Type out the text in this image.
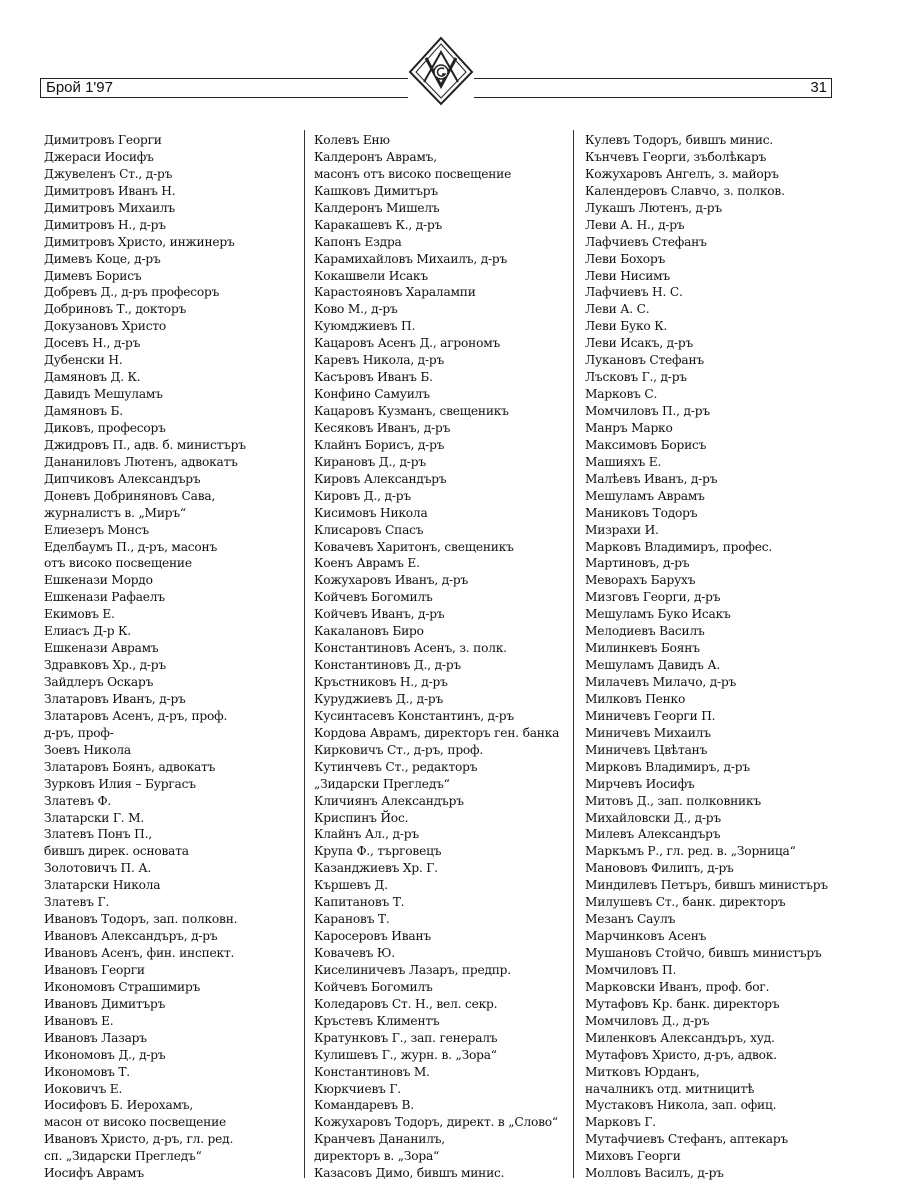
Брой 1'97	31
Димитровъ Георги
Джераси Иосифъ
Джувеленъ Ст., д-ръ
Димитровъ Иванъ Н.
Димитровъ Михаилъ
Димитровъ Н., д-ръ
Димитровъ Христо, инжинеръ
Димевъ Коце, д-ръ
Димевъ Борисъ
Добревъ Д., д-ръ професоръ
Добриновъ Т., докторъ
Докузановъ Христо
Досевъ Н., д-ръ
Дубенски Н.
Дамяновъ Д. К.
Давидъ Мешуламъ
Дамяновъ Б.
Диковъ, професоръ
Джидровъ П., адв. б. министъръ
Дананиловъ Лютенъ, адвокатъ
Дипчиковъ Александъръ
Доневъ Добриняновъ Сава,
журналистъ в. „Миръ“
Елиезеръ Монсъ
Еделбаумъ П., д-ръ, масонъ
отъ високо посвещение
Ешкенази Мордо
Ешкенази Рафаелъ
Екимовъ Е.
Елиасъ Д-р К.
Ешкенази Аврамъ
Здравковъ Хр., д-ръ
Зайдлеръ Оскаръ
Златаровъ Иванъ, д-ръ
Златаровъ Асенъ, д-ръ, проф.
д-ръ, проф-
Зоевъ Никола
Златаровъ Боянъ, адвокатъ
Зурковъ Илия – Бургасъ
Златевъ Ф.
Златарски Г. М.
Златевъ Понъ П.,
бившъ дирек. основата
Золотовичъ П. А.
Златарски Никола
Златевъ Г.
Ивановъ Тодоръ, зап. полковн.
Ивановъ Александъръ, д-ръ
Ивановъ Асенъ, фин. инспект.
Ивановъ Георги
Икономовъ Страшимиръ
Ивановъ Димитъръ
Ивановъ Е.
Ивановъ Лазаръ
Икономовъ Д., д-ръ
Икономовъ Т.
Иоковичъ Е.
Иосифовъ Б. Иерохамъ,
масон от високо посвещение
Ивановъ Христо, д-ръ, гл. ред.
сп. „Зидарски Прегледъ“
Иосифъ Аврамъ
Колевъ Еню
Калдеронъ Аврамъ,
масонъ отъ високо посвещение
Кашковъ Димитъръ
Калдеронъ Мишелъ
Каракашевъ К., д-ръ
Капонъ Ездра
Карамихайловъ Михаилъ, д-ръ
Кокашвели Исакъ
Карастояновъ Харалампи
Ково М., д-ръ
Куюмджиевъ П.
Кацаровъ Асенъ Д., агрономъ
Каревъ Никола, д-ръ
Касъровъ Иванъ Б.
Конфино Самуилъ
Кацаровъ Кузманъ, свещеникъ
Кесяковъ Иванъ, д-ръ
Клайнъ Борисъ, д-ръ
Кирановъ Д., д-ръ
Кировъ Александъръ
Кировъ Д., д-ръ
Кисимовъ Никола
Клисаровъ Спасъ
Ковачевъ Харитонъ, свещеникъ
Коенъ Аврамъ Е.
Кожухаровъ Иванъ, д-ръ
Койчевъ Богомилъ
Койчевъ Иванъ, д-ръ
Какалановъ Биро
Константиновъ Асенъ, з. полк.
Константиновъ Д., д-ръ
Кръстниковъ Н., д-ръ
Куруджиевъ Д., д-ръ
Кусинтасевъ Константинъ, д-ръ
Кордова Аврамъ, директоръ ген. банка
Кирковичъ Ст., д-ръ, проф.
Кутинчевъ Ст., редакторъ
„Зидарски Прегледъ“
Кличиянъ Александъръ
Криспинъ Йос.
Клайнъ Ал., д-ръ
Крупа Ф., търговецъ
Казанджиевъ Хр. Г.
Кършевъ Д.
Капитановъ Т.
Карановъ Т.
Каросеровъ Иванъ
Ковачевъ Ю.
Киселиничевъ Лазаръ, предпр.
Койчевъ Богомилъ
Коледаровъ Ст. Н., вел. секр.
Кръстевъ Климентъ
Кратунковъ Г., зап. генералъ
Кулишевъ Г., журн. в. „Зора“
Константиновъ М.
Кюркчиевъ Г.
Командаревъ В.
Кожухаровъ Тодоръ, директ. в „Слово“
Кранчевъ Дананилъ,
директоръ в. „Зора“
Казасовъ Димо, бившъ минис.
Кулевъ Тодоръ, бившъ минис.
Кънчевъ Георги, зъболѣкаръ
Кожухаровъ Ангелъ, з. майоръ
Календеровъ Славчо, з. полков.
Лукашъ Лютенъ, д-ръ
Леви А. Н., д-ръ
Лафчиевъ Стефанъ
Леви Бохоръ
Леви Нисимъ
Лафчиевъ Н. С.
Леви А. С.
Леви Буко К.
Леви Исакъ, д-ръ
Лукановъ Стефанъ
Лъсковъ Г., д-ръ
Марковъ С.
Момчиловъ П., д-ръ
Манръ Марко
Максимовъ Борисъ
Машияхъ Е.
Малѣевъ Иванъ, д-ръ
Мешуламъ Аврамъ
Маниковъ Тодоръ
Мизрахи И.
Марковъ Владимиръ, профес.
Мартиновъ, д-ръ
Меворахъ Барухъ
Мизговъ Георги, д-ръ
Мешуламъ Буко Исакъ
Мелодиевъ Василъ
Милинкевъ Боянъ
Мешуламъ Давидъ А.
Милачевъ Милачо, д-ръ
Милковъ Пенко
Миничевъ Георги П.
Миничевъ Михаилъ
Миничевъ Цвѣтанъ
Мирковъ Владимиръ, д-ръ
Мирчевъ Иосифъ
Митовъ Д., зап. полковникъ
Михайловски Д., д-ръ
Милевъ Александъръ
Маркъмъ Р., гл. ред. в. „Зорница“
Манововъ Филипъ, д-ръ
Миндилевъ Петъръ, бившъ министъръ
Милушевъ Ст., банк. директоръ
Мезанъ Саулъ
Марчинковъ Асенъ
Мушановъ Стойчо, бившъ министъръ
Момчиловъ П.
Марковски Иванъ, проф. бог.
Мутафовъ Кр. банк. директоръ
Момчиловъ Д., д-ръ
Миленковъ Александъръ, худ.
Мутафовъ Христо, д-ръ, адвок.
Митковъ Юрданъ,
началникъ отд. митницитѣ
Мустаковъ Никола, зап. офиц.
Марковъ Г.
Мутафчиевъ Стефанъ, аптекаръ
Миховъ Георги
Молловъ Василъ, д-ръ
